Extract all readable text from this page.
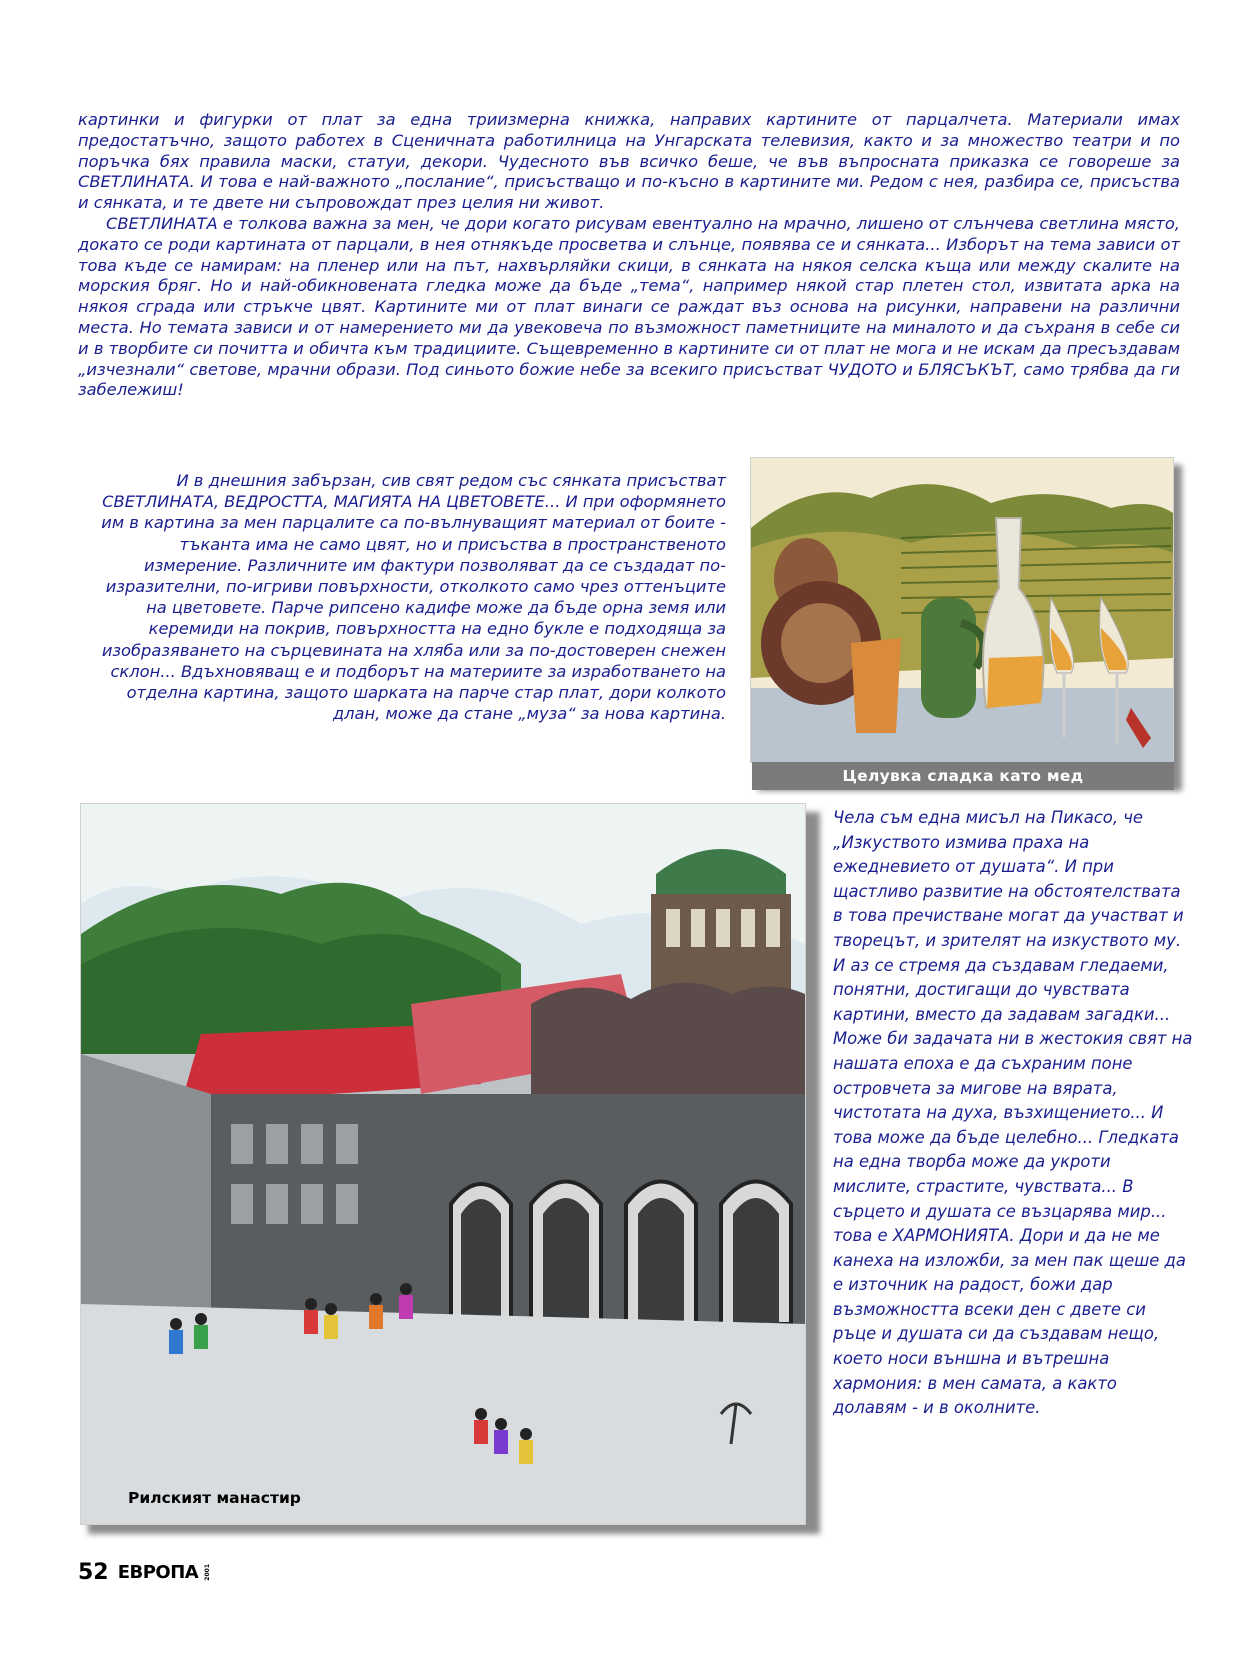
картинки и фигурки от плат за една триизмерна книжка, направих картините от парцалчета. Материали имах предостатъчно, защото работех в Сценичната работилница на Унгарската телевизия, както и за множество театри и по поръчка бях правила маски, статуи, декори. Чудесното във всичко беше, че във въпросната приказка се говореше за СВЕТЛИНАТА. И това е най-важното „послание“, присъстващо и по-късно в картините ми. Редом с нея, разбира се, присъства и сянката, и те двете ни съпровождат през целия ни живот.

СВЕТЛИНАТА е толкова важна за мен, че дори когато рисувам евентуално на мрачно, лишено от слънчева светлина място, докато се роди картината от парцали, в нея отнякъде просветва и слънце, появява се и сянката... Изборът на тема зависи от това къде се намирам: на пленер или на път, нахвърляйки скици, в сянката на някоя селска къща или между скалите на морския бряг. Но и най-обикновената гледка може да бъде „тема“, например някой стар плетен стол, извитата арка на някоя сграда или стръкче цвят. Картините ми от плат винаги се раждат въз основа на рисунки, направени на различни места. Но темата зависи и от намерението ми да увековеча по възможност паметниците на миналото и да съхраня в себе си и в творбите си почитта и обичта към традициите. Същевременно в картините си от плат не мога и не искам да пресъздавам „изчезнали“ светове, мрачни образи. Под синьото божие небе за всекиго присъстват ЧУДОТО и БЛЯСЪКЪТ, само трябва да ги забележиш!

И в днешния забързан, сив свят редом със сянката присъстват СВЕТЛИНАТА, ВЕДРОСТТА, МАГИЯТА НА ЦВЕТОВЕТЕ... И при оформянето им в картина за мен парцалите са по-вълнуващият материал от боите - тъканта има не само цвят, но и присъства в пространственото измерение. Различните им фактури позволяват да се създадат по-изразителни, по-игриви повърхности, отколкото само чрез оттенъците на цветовете. Парче рипсено кадифе може да бъде орна земя или керемиди на покрив, повърхността на едно букле е подходяща за изобразяването на сърцевината на хляба или за по-достоверен снежен склон... Вдъхновяващ е и подборът на материите за изработването на отделна картина, защото шарката на парче стар плат, дори колкото длан, може да стане „муза“ за нова картина.

Целувка сладка като мед
Рилският манастир

Чела съм една мисъл на Пикасо, че „Изкуството измива праха на ежедневието от душата“. И при щастливо развитие на обстоятелствата в това пречистване могат да участват и творецът, и зрителят на изкуството му. И аз се стремя да създавам гледаеми, понятни, достигащи до чувствата картини, вместо да задавам загадки... Може би задачата ни в жестокия свят на нашата епоха е да съхраним поне островчета за мигове на вярата, чистотата на духа, възхищението... И това може да бъде целебно... Гледката на една творба може да укроти мислите, страстите, чувствата... В сърцето и душата се възцарява мир... това е ХАРМОНИЯТА. Дори и да не ме канеха на изложби, за мен пак щеше да е източник на радост, божи дар възможността всеки ден с двете си ръце и душата си да създавам нещо, което носи външна и вътрешна хармония: в мен самата, а както долавям - и в околните.

52 ЕВРОПА 2001
